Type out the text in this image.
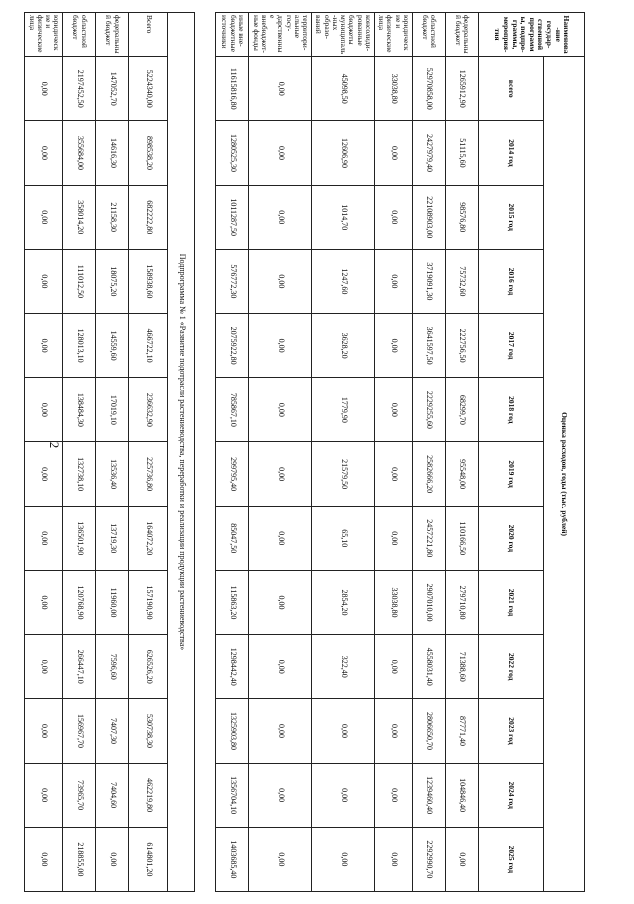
2
Наименова-ние государ-ственной программы, подпро-граммы, мероприя-тия	Оценка расходов, годы (тыс. рублей)												
	всего	2014 год	2015 год	2016 год	2017 год	2018 год	2019 год	2020 год	2021 год	2022 год	2023 год	2024 год	2025 год
федеральный бюджет	1265912,90	51115,60	98576,80	75732,60	222756,50	68299,70	95548,00	110166,50	279710,80	71388,60	87771,40	104846,40	0,00
областной бюджет	52970858,00	2427979,40	22108903,00	3719091,30	3641597,50	2229255,60	2582666,20	2457221,80	2907010,00	4558031,40	2806650,70	1239460,40	2292990,70
юридические и физические лица	33038,80	0,00	0,00	0,00	0,00	0,00	0,00	0,00	33038,80	0,00	0,00	0,00	0,00
консолиди-рованные бюджеты муниципаль-ных образо-ваний	45098,50	12606,90	1014,70	1247,60	3628,20	1779,90	21579,50	65,10	2854,20	322,40	0,00	0,00	0,00
территори-альные госу-дарственные внебюджет-ные фонды	0,00	0,00	0,00	0,00	0,00	0,00	0,00	0,00	0,00	0,00	0,00	0,00	0,00
иные вне-бюджетные источники	11615816,80	1280525,30	1011287,50	576772,30	2075922,80	785867,10	299795,40	85047,50	115863,20	1298442,40	1325903,80	1356704,10	1403685,40

Подпрограмма № 1 «Развитие подотрасли растениеводства, переработки и реализации продукции растениеводства»													
Всего	5224340,00	898538,20	682222,80	158938,60	466722,10	236632,90	225736,80	164072,20	157190,90	626526,20	530738,30	462219,80	614801,20
федеральный бюджет	147052,70	14616,30	21158,30	18075,20	14559,60	17019,10	13536,40	13719,30	11960,00	7596,60	7407,30	7404,60	0,00
областной бюджет	2197452,50	355684,00	358014,20	111012,50	128013,10	138484,30	132738,10	136501,90	120768,90	266447,10	156967,70	73965,70	218855,00
юридические и физические лица	0,00	0,00	0,00	0,00	0,00	0,00	0,00	0,00	0,00	0,00	0,00	0,00	0,00
